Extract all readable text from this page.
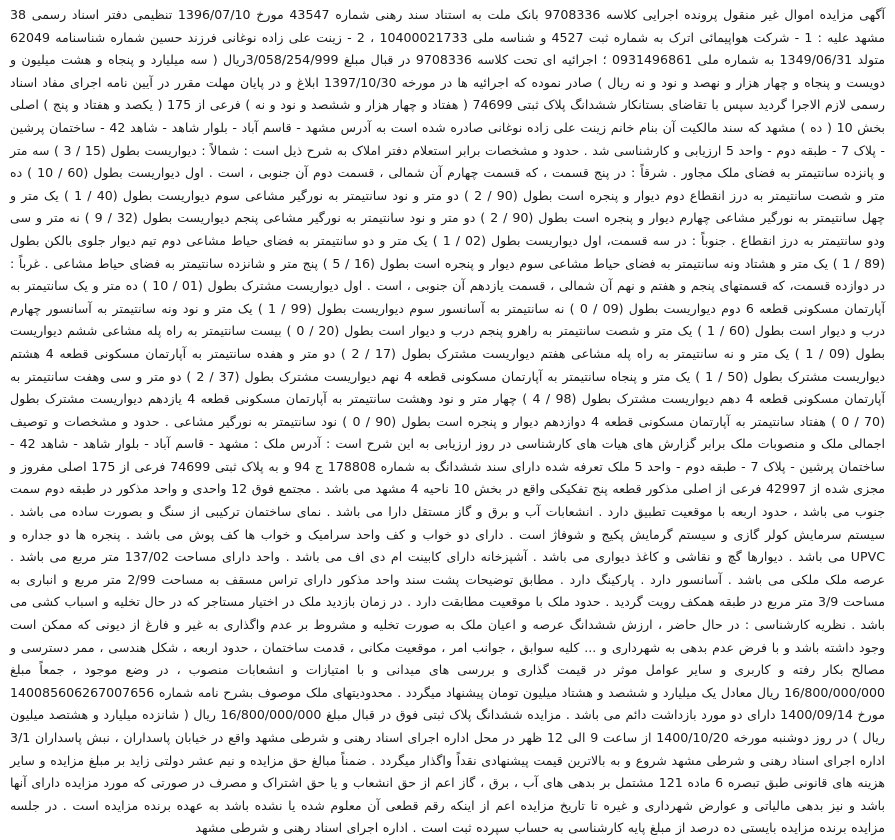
آگهی مزایده اموال غیر منقول پرونده اجرایی کلاسه 9708336 بانک ملت به استناد سند رهنی شماره 43547 مورخ 1396/07/10 تنظیمی دفتر اسناد رسمی 38 مشهد علیه : 1 - شرکت هواپیمائی اترک به شماره ثبت 4527 و شناسه ملی 10400021733 ، 2 - زینت علی زاده نوغانی فرزند حسین شماره شناسنامه 62049 متولد 1349/06/31 به شماره ملی 0931496861 ؛ اجرائیه ای تحت کلاسه 9708336 در قبال مبلغ 3/058/254/999ریال ( سه میلیارد و پنجاه و هشت میلیون و دویست و پنجاه و چهار هزار و نهصد و نود و نه ریال ) صادر نموده که اجرائیه ها در مورخه 1397/10/30 ابلاغ و در پایان مهلت مقرر در آیین نامه اجرای مفاد اسناد رسمی لازم الاجرا گردید سپس با تقاضای بستانکار ششدانگ پلاک ثبتی 74699 ( هفتاد و چهار هزار و ششصد و نود و نه ) فرعی از 175 ( یکصد و هفتاد و پنج ) اصلی بخش 10 ( ده ) مشهد که سند مالکیت آن بنام خانم زینت علی زاده نوغانی صادره شده است به آدرس مشهد - قاسم آباد - بلوار شاهد - شاهد 42 - ساختمان پرشین - پلاک 7 - طبقه دوم - واحد 5 ارزیابی و کارشناسی شد . حدود و مشخصات برابر استعلام دفتر املاک به شرح ذیل است : شمالاً : دیواریست بطول (15 / 3 ) سه متر و پانزده سانتیمتر به فضای ملک مجاور . شرقاً : در پنج قسمت ، که قسمت چهارم آن شمالی ، قسمت دوم آن جنوبی ، است . اول دیواریست بطول (60 / 10 ) ده متر و شصت سانتیمتر به درز انقطاع دوم دیوار و پنجره است بطول (90 / 2 ) دو متر و نود سانتیمتر به نورگیر مشاعی سوم دیواریست بطول (40 / 1 ) یک متر و چهل سانتیمتر به نورگیر مشاعی چهارم دیوار و پنجره است بطول (90 / 2 ) دو متر و نود سانتیمتر به نورگیر مشاعی پنجم دیواریست بطول (32 / 9 ) نه متر و سی ودو سانتیمتر به درز انقطاع . جنوباً : در سه قسمت، اول دیواریست بطول (02 / 1 ) یک متر و دو سانتیمتر به فضای حیاط مشاعی دوم تیم دیوار جلوی بالکن بطول (89 / 1 ) یک متر و هشتاد ونه سانتیمتر به فضای حیاط مشاعی سوم دیوار و پنجره است بطول (16 / 5 ) پنج متر و شانزده سانتیمتر به فضای حیاط مشاعی . غرباً : در دوازده قسمت، که قسمتهای پنجم و هفتم و نهم آن شمالی ، قسمت یازدهم آن جنوبی ، است . اول دیواریست مشترک بطول (01 / 10 ) ده متر و یک سانتیمتر به آپارتمان مسکونی قطعه 6 دوم دیواریست بطول (09 / 0 ) نه سانتیمتر به آسانسور سوم دیواریست بطول (99 / 1 ) یک متر و نود ونه سانتیمتر به آسانسور چهارم درب و دیوار است بطول (60 / 1 ) یک متر و شصت سانتیمتر به راهرو پنجم درب و دیوار است بطول (20 / 0 ) بیست سانتیمتر به راه پله مشاعی ششم دیواریست بطول (09 / 1 ) یک متر و نه سانتیمتر به راه پله مشاعی هفتم دیواریست مشترک بطول (17 / 2 ) دو متر و هفده سانتیمتر به آپارتمان مسکونی قطعه 4 هشتم دیواریست مشترک بطول (50 / 1 ) یک متر و پنجاه سانتیمتر به آپارتمان مسکونی قطعه 4 نهم دیواریست مشترک بطول (37 / 2 ) دو متر و سی وهفت سانتیمتر به آپارتمان مسکونی قطعه 4 دهم دیواریست مشترک بطول (98 / 4 ) چهار متر و نود وهشت سانتیمتر به آپارتمان مسکونی قطعه 4 یازدهم دیواریست مشترک بطول (70 / 0 ) هفتاد سانتیمتر به آپارتمان مسکونی قطعه 4 دوازدهم دیوار و پنجره است بطول (90 / 0 ) نود سانتیمتر به نورگیر مشاعی . حدود و مشخصات و توصیف اجمالی ملک و منصوبات ملک برابر گزارش های هیات های کارشناسی در روز ارزیابی به این شرح است : آدرس ملک : مشهد - قاسم آباد - بلوار شاهد - شاهد 42 - ساختمان پرشین - پلاک 7 - طبقه دوم - واحد 5 ملک تعرفه شده دارای سند ششدانگ به شماره 178808 ج 94 و به پلاک ثبتی 74699 فرعی از 175 اصلی مفروز و مجزی شده از 42997 فرعی از اصلی مذکور قطعه پنج تفکیکی واقع در بخش 10 ناحیه 4 مشهد می باشد . مجتمع فوق 12 واحدی و واحد مذکور در طبقه دوم سمت جنوب می باشد ، حدود اربعه با موقعیت تطبیق دارد . انشعابات آب و برق و گاز مستقل دارا می باشد . نمای ساختمان ترکیبی از سنگ و بصورت ساده می باشد . سیستم سرمایش کولر گازی و سیستم گرمایش پکیج و شوفاژ است . دارای دو خواب و کف واحد سرامیک و خواب ها کف پوش می باشد . پنجره ها دو جداره و UPVC می باشد . دیوارها گچ و نقاشی و کاغذ دیواری می باشد . آشپزخانه دارای کابینت ام دی اف می باشد . واحد دارای مساحت 137/02 متر مربع می باشد . عرصه ملک ملکی می باشد . آسانسور دارد . پارکینگ دارد . مطابق توضیحات پشت سند واحد مذکور دارای تراس مسقف به مساحت 2/99 متر مربع و انباری به مساحت 3/9 متر مربع در طبقه همکف رویت گردید . حدود ملک با موقعیت مطابقت دارد . در زمان بازدید ملک در اختیار مستاجر که در حال تخلیه و اسباب کشی می باشد . نظریه کارشناسی : در حال حاضر ، ارزش ششدانگ عرصه و اعیان ملک به صورت تخلیه و مشروط بر عدم واگذاری به غیر و فارغ از دیونی که ممکن است وجود داشته باشد و با فرض عدم بدهی به شهرداری و ... کلیه سوابق ، جوانب امر ، موقعیت مکانی ، قدمت ساختمان ، حدود اربعه ، شکل هندسی ، ممر دسترسی و مصالح بکار رفته و کاربری و سایر عوامل موثر در قیمت گذاری و بررسی های میدانی و با امتیازات و انشعابات منصوب ، در وضع موجود ، جمعاً مبلغ 16/800/000/000 ریال معادل یک میلیارد و ششصد و هشتاد میلیون تومان پیشنهاد میگردد . محدودیتهای ملک موصوف بشرح نامه شماره 140085606267007656 مورخ 1400/09/14 دارای دو مورد بازداشت دائم می باشد . مزایده ششدانگ پلاک ثبتی فوق در قبال مبلغ 16/800/000/000 ریال ( شانزده میلیارد و هشتصد میلیون ریال ) در روز دوشنبه مورخه 1400/10/20 از ساعت 9 الی 12 ظهر در محل اداره اجرای اسناد رهنی و شرطی مشهد واقع در خیابان پاسداران ، نبش پاسداران 3/1 اداره اجرای اسناد رهنی و شرطی مشهد شروع و به بالاترین قیمت پیشنهادی نقداً واگذار میگردد . ضمناً مبالغ حق مزایده و نیم عشر دولتی زاید بر مبلغ مزایده و سایر هزینه های قانونی طبق تبصره 6 ماده 121 مشتمل بر بدهی های آب ، برق ، گاز اعم از حق انشعاب و یا حق اشتراک و مصرف در صورتی که مورد مزایده دارای آنها باشد و نیز بدهی مالیاتی و عوارض شهرداری و غیره تا تاریخ مزایده اعم از اینکه رقم قطعی آن معلوم شده یا نشده باشد به عهده برنده مزایده است . در جلسه مزایده برنده مزایده بایستی ده درصد از مبلغ پایه کارشناسی به حساب سپرده ثبت است . اداره اجرای اسناد رهنی و شرطی مشهد
